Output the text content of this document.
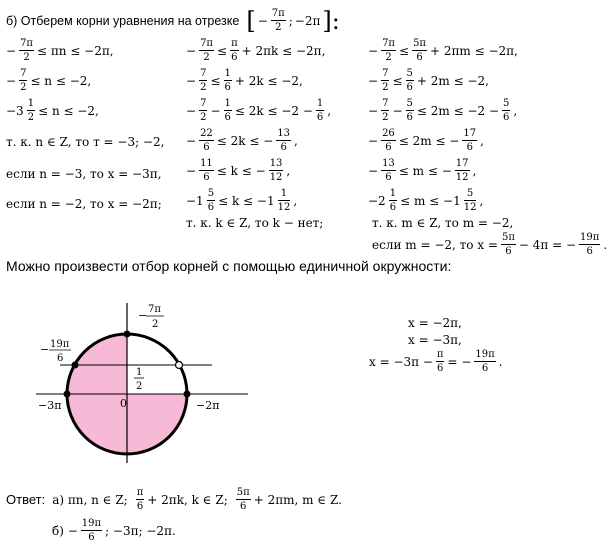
б) Отберем корни уравнения на отрезке [ − $\frac{7\pi}{2}$ ; −2π ]:
− $\frac{7\pi}{2} \le \pi n \le -2\pi$,
− $\frac{7}{2} \le n \le -2$,
$-3 \frac{1}{2} \le n \le -2$,
т. к. n ∈ Z, то т = −3; −2,
если n = −3, то x = −3π,
если n = −2, то x = −2π;
− $\frac{7\pi}{2} \le \frac{\pi}{6} + 2\pi k \le -2\pi$,
− $\frac{7}{2} \le \frac{1}{6} + 2k \le -2$,
− $\frac{7}{2} - \frac{1}{6} \le 2k \le -2 - \frac{1}{6}$ ,
− $\frac{22}{6} \le 2k$ ≤ − $\frac{13}{6}$ ,
− $\frac{11}{6} \le k$ ≤ − $\frac{13}{12}$ ,
$-1 \frac{5}{6} \le k \le -1 \frac{1}{12}$ ,
т. к. k ∈ Z, то k − нет;
− $\frac{7\pi}{2} \le \frac{5\pi}{6} + 2\pi m \le -2\pi$,
− $\frac{7}{2} \le \frac{5}{6} + 2m \le -2$,
− $\frac{7}{2} - \frac{5}{6} \le 2m \le -2 - \frac{5}{6}$ ,
− $\frac{26}{6} \le 2m$ ≤ − $\frac{17}{6}$ ,
− $\frac{13}{6} \le m$ ≤ − $\frac{17}{12}$ ,
$-2 \frac{1}{6} \le m \le -1 \frac{5}{12}$ ,
т. к. m ∈ Z, то m = −2,
если m = −2, то $x = \frac{5\pi}{6} - 4\pi$ = − $\frac{19\pi}{6}$ .
Можно произвести отбор корней с помощью единичной окружности:
− 7π
2
− 19π
6
1
2
0
−3π	−2π
x = −2π,
x = −3π,
$x = -3\pi - \frac{\pi}{6}$ = − $\frac{19\pi}{6}$ .
Ответ: а) πn, n ∈ Z; $\frac{\pi}{6} + 2\pi k$, k ∈ Z; $\frac{5\pi}{6} + 2\pi m$, m ∈ Z.
$б) - \frac{19\pi}{6}$ ; −3π; −2π.
